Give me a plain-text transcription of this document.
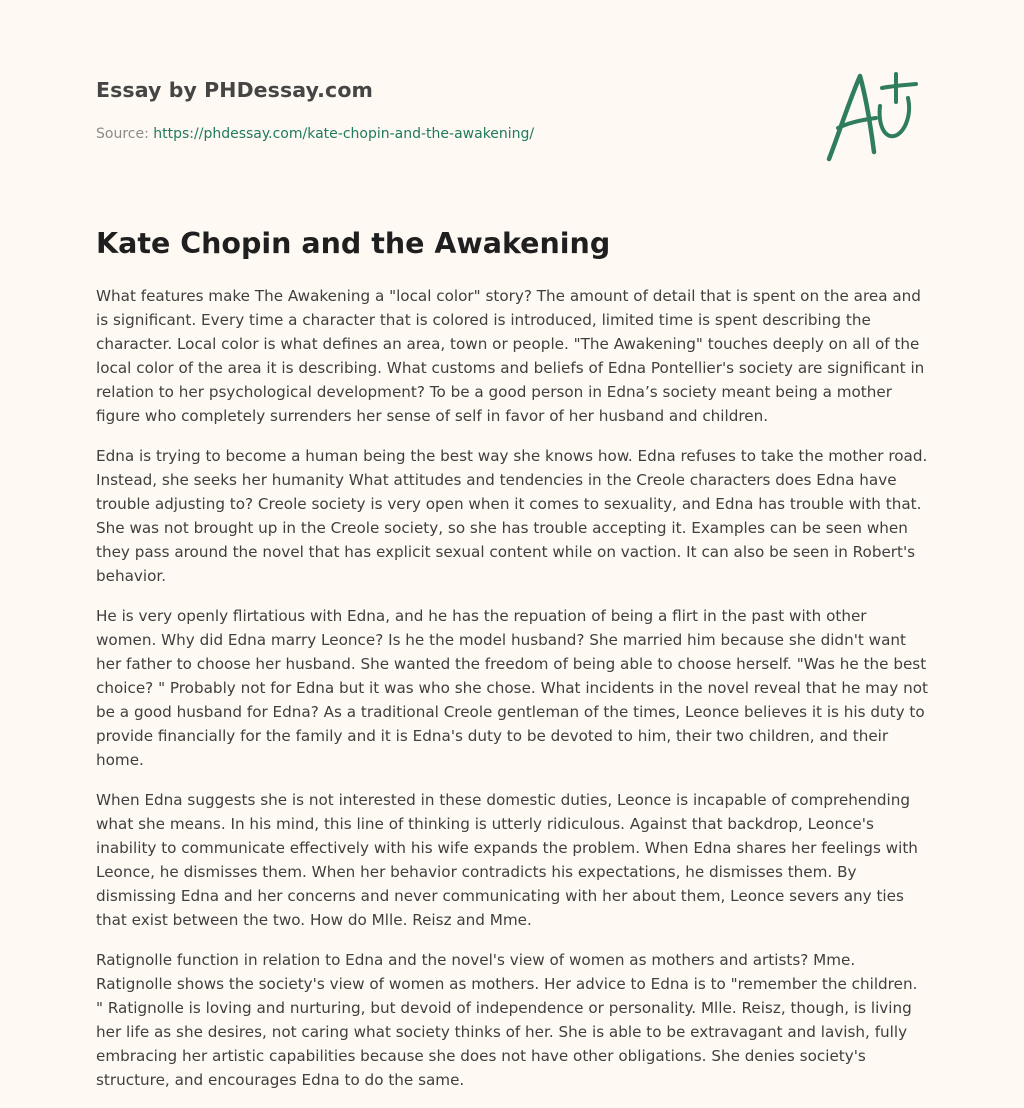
Essay by PHDessay.com
Source: https://phdessay.com/kate-chopin-and-the-awakening/
Kate Chopin and the Awakening

What features make The Awakening a "local color" story? The amount of detail that is spent on the area and is significant. Every time a character that is colored is introduced, limited time is spent describing the character. Local color is what defines an area, town or people. "The Awakening" touches deeply on all of the local color of the area it is describing. What customs and beliefs of Edna Pontellier's society are significant in relation to her psychological development? To be a good person in Edna’s society meant being a mother figure who completely surrenders her sense of self in favor of her husband and children.

Edna is trying to become a human being the best way she knows how. Edna refuses to take the mother road. Instead, she seeks her humanity What attitudes and tendencies in the Creole characters does Edna have trouble adjusting to? Creole society is very open when it comes to sexuality, and Edna has trouble with that. She was not brought up in the Creole society, so she has trouble accepting it. Examples can be seen when they pass around the novel that has explicit sexual content while on vaction. It can also be seen in Robert's behavior.

He is very openly flirtatious with Edna, and he has the repuation of being a flirt in the past with other women. Why did Edna marry Leonce? Is he the model husband? She married him because she didn't want her father to choose her husband. She wanted the freedom of being able to choose herself. "Was he the best choice? " Probably not for Edna but it was who she chose. What incidents in the novel reveal that he may not be a good husband for Edna? As a traditional Creole gentleman of the times, Leonce believes it is his duty to provide financially for the family and it is Edna's duty to be devoted to him, their two children, and their home.

When Edna suggests she is not interested in these domestic duties, Leonce is incapable of comprehending what she means. In his mind, this line of thinking is utterly ridiculous. Against that backdrop, Leonce's inability to communicate effectively with his wife expands the problem. When Edna shares her feelings with Leonce, he dismisses them. When her behavior contradicts his expectations, he dismisses them. By dismissing Edna and her concerns and never communicating with her about them, Leonce severs any ties that exist between the two. How do Mlle. Reisz and Mme.

Ratignolle function in relation to Edna and the novel's view of women as mothers and artists? Mme. Ratignolle shows the society's view of women as mothers. Her advice to Edna is to "remember the children. " Ratignolle is loving and nurturing, but devoid of independence or personality. Mlle. Reisz, though, is living her life as she desires, not caring what society thinks of her. She is able to be extravagant and lavish, fully embracing her artistic capabilities because she does not have other obligations. She denies society's structure, and encourages Edna to do the same.
